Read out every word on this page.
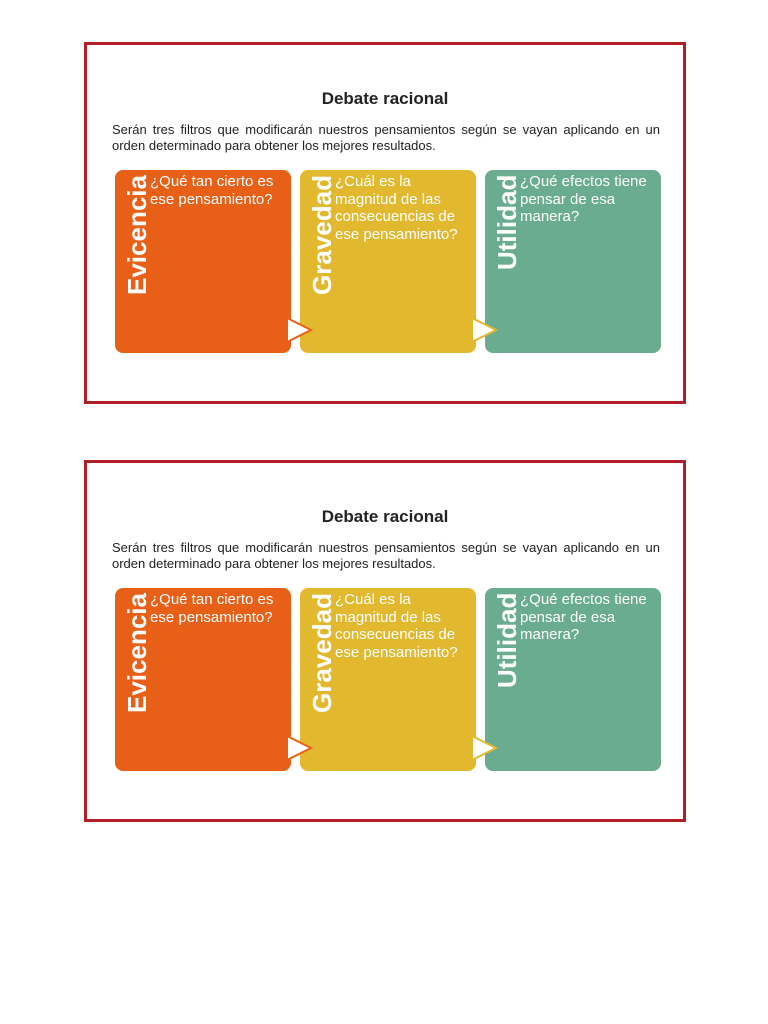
Debate racional

Serán tres filtros que modificarán nuestros pensamientos según se vayan aplicando en un orden determinado para obtener los mejores resultados.

Evicencia

¿Qué tan cierto es ese pensamiento?	Gravedad

¿Cuál es la magnitud de las consecuencias de ese pensamiento?	Utilidad

¿Qué efectos tiene pensar de esa manera?

Debate racional

Serán tres filtros que modificarán nuestros pensamientos según se vayan aplicando en un orden determinado para obtener los mejores resultados.

Evicencia

¿Qué tan cierto es ese pensamiento?	Gravedad

¿Cuál es la magnitud de las consecuencias de ese pensamiento?	Utilidad

¿Qué efectos tiene pensar de esa manera?
